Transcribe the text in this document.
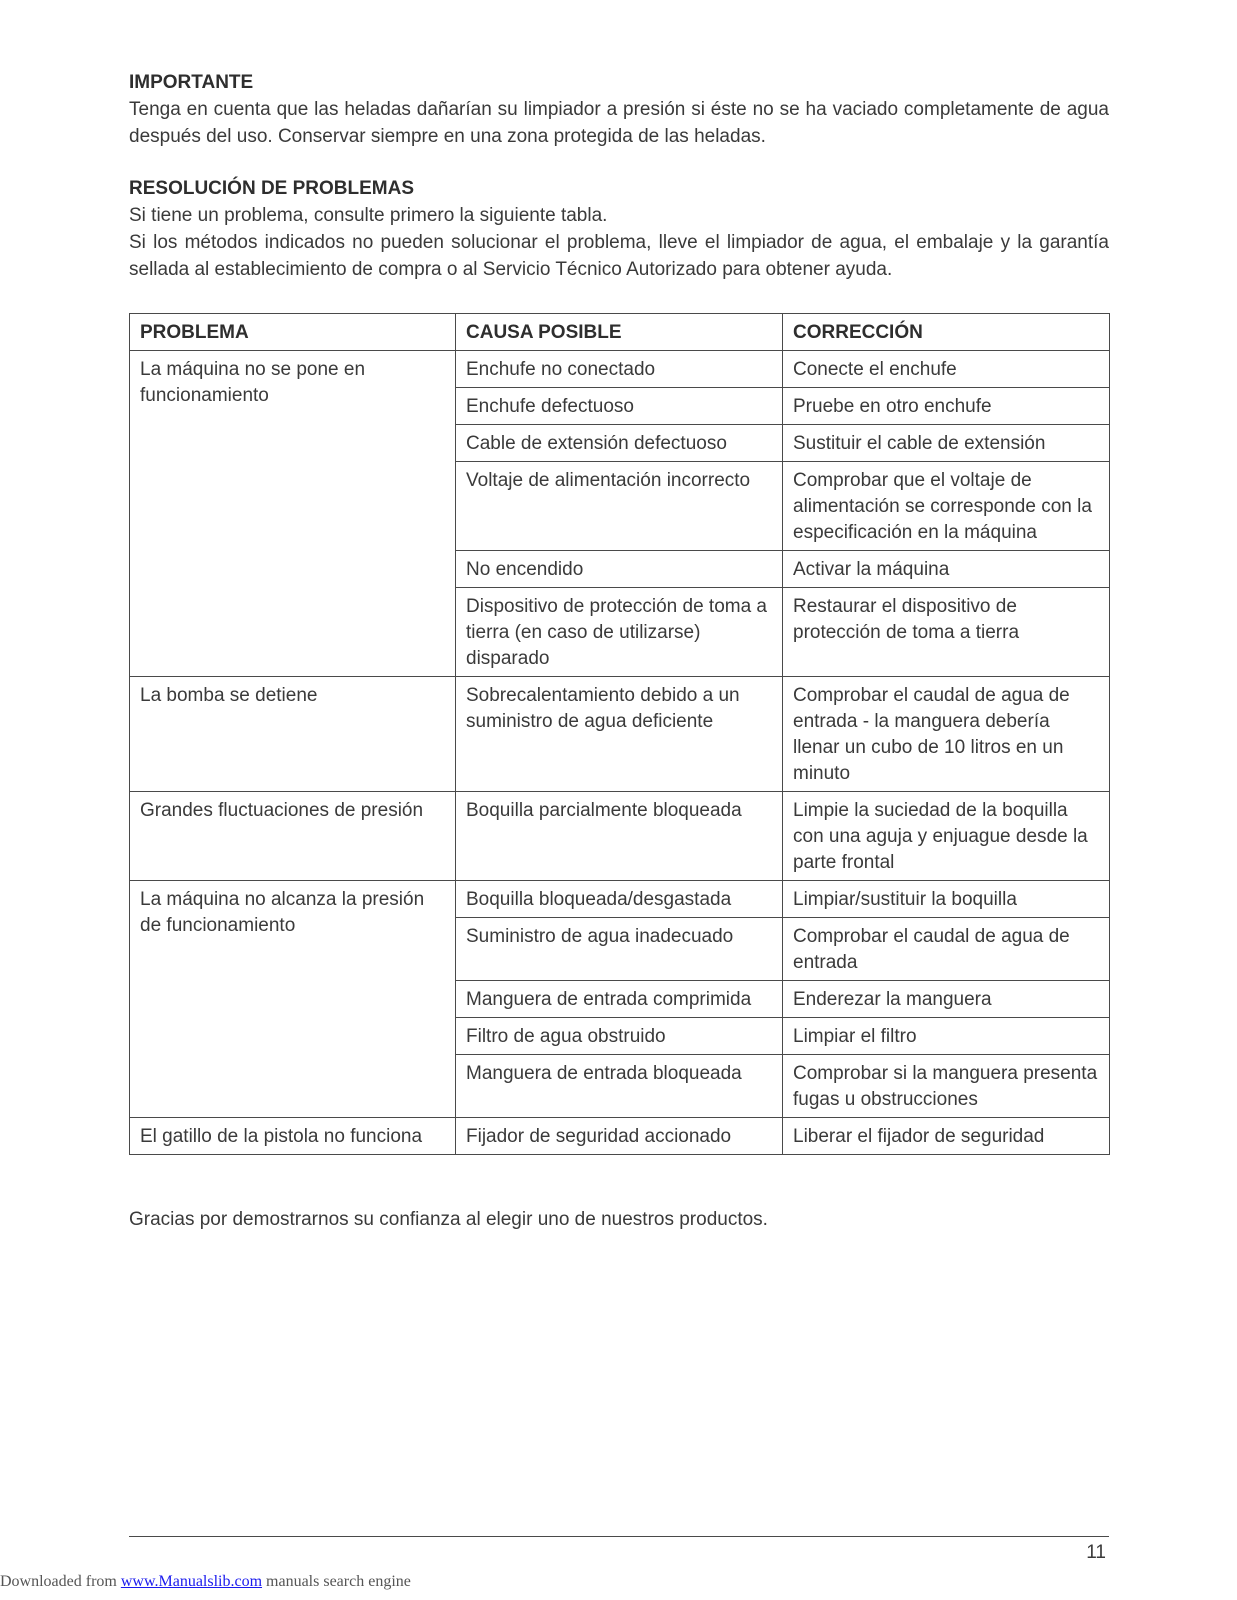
IMPORTANTE

Tenga en cuenta que las heladas dañarían su limpiador a presión si éste no se ha vaciado completamente de agua después del uso. Conservar siempre en una zona protegida de las heladas.

RESOLUCIÓN DE PROBLEMAS

Si tiene un problema, consulte primero la siguiente tabla.

Si los métodos indicados no pueden solucionar el problema, lleve el limpiador de agua, el embalaje y la garantía sellada al establecimiento de compra o al Servicio Técnico Autorizado para obtener ayuda.

PROBLEMA	CAUSA POSIBLE	CORRECCIÓN
La máquina no se pone en funcionamiento	Enchufe no conectado	Conecte el enchufe
	Enchufe defectuoso	Pruebe en otro enchufe
	Cable de extensión defectuoso	Sustituir el cable de extensión
	Voltaje de alimentación incorrecto	Comprobar que el voltaje de alimentación se corresponde con la especificación en la máquina
	No encendido	Activar la máquina
	Dispositivo de protección de toma a tierra (en caso de utilizarse) disparado	Restaurar el dispositivo de protección de toma a tierra
La bomba se detiene	Sobrecalentamiento debido a un suministro de agua deficiente	Comprobar el caudal de agua de entrada - la manguera debería llenar un cubo de 10 litros en un minuto
Grandes fluctuaciones de presión	Boquilla parcialmente bloqueada	Limpie la suciedad de la boquilla con una aguja y enjuague desde la parte frontal
La máquina no alcanza la presión de funcionamiento	Boquilla bloqueada/desgastada	Limpiar/sustituir la boquilla
	Suministro de agua inadecuado	Comprobar el caudal de agua de entrada
	Manguera de entrada comprimida	Enderezar la manguera
	Filtro de agua obstruido	Limpiar el filtro
	Manguera de entrada bloqueada	Comprobar si la manguera presenta fugas u obstrucciones
El gatillo de la pistola no funciona	Fijador de seguridad accionado	Liberar el fijador de seguridad

Gracias por demostrarnos su confianza al elegir uno de nuestros productos.

11
Downloaded from www.Manualslib.com manuals search engine
